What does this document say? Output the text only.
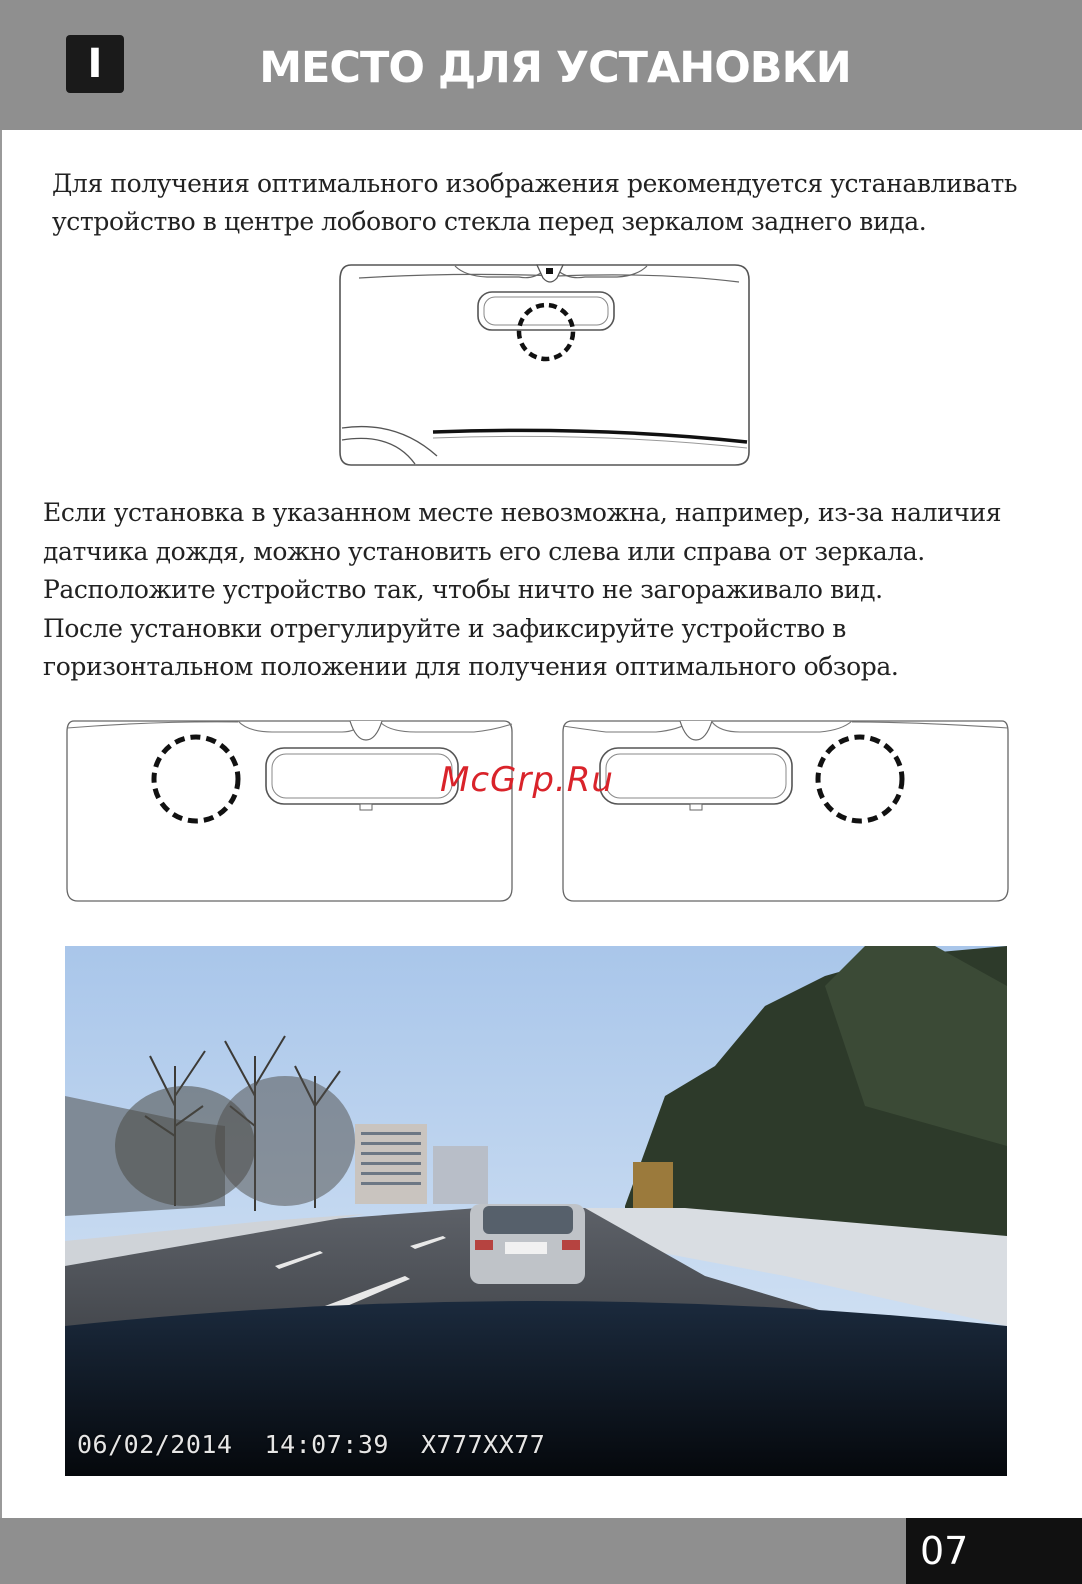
I	МЕСТО ДЛЯ УСТАНОВКИ
Для получения оптимального изображения рекомендуется устанавливать
устройство в центре лобового стекла перед зеркалом заднего вида.
Если установка в указанном месте невозможна, например, из-за наличия
датчика дождя, можно установить его слева или справа от зеркала.
Расположите устройство так, чтобы ничто не загораживало вид.
После установки отрегулируйте и зафиксируйте устройство в
горизонтальном положении для получения оптимального обзора.
McGrp.Ru
06/02/2014 14:07:39 X777XX77
07
